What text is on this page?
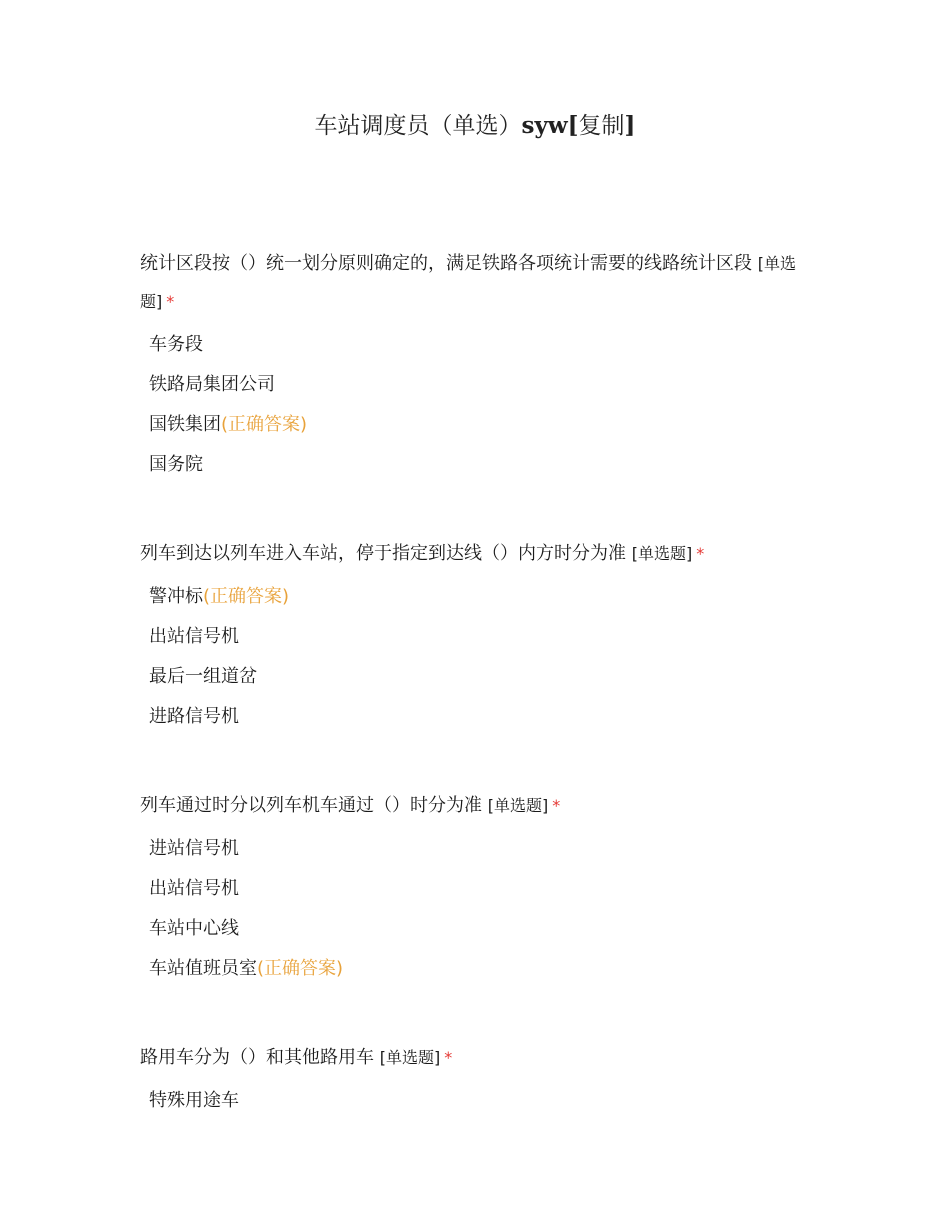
车站调度员（单选）syw[复制]
统计区段按（）统一划分原则确定的，满足铁路各项统计需要的线路统计区段 [单选题] *
车务段
铁路局集团公司
国铁集团(正确答案)
国务院
列车到达以列车进入车站，停于指定到达线（）内方时分为准 [单选题] *
警冲标(正确答案)
出站信号机
最后一组道岔
进路信号机
列车通过时分以列车机车通过（）时分为准 [单选题] *
进站信号机
出站信号机
车站中心线
车站值班员室(正确答案)
路用车分为（）和其他路用车 [单选题] *
特殊用途车
